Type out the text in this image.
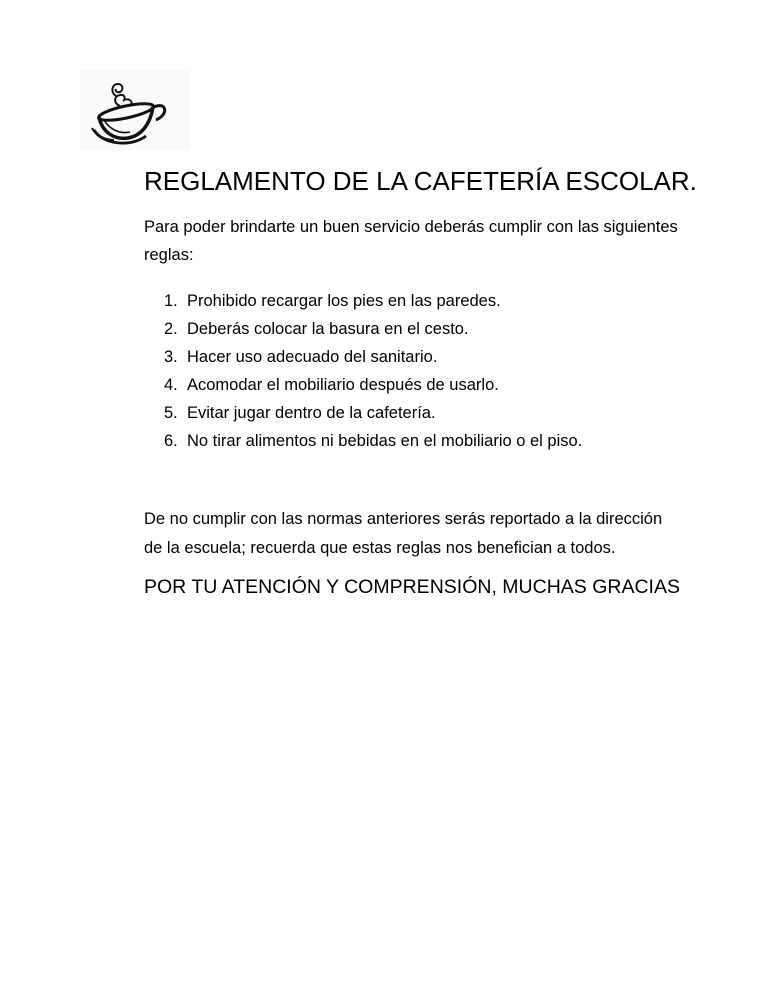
REGLAMENTO DE LA CAFETERÍA ESCOLAR.

Para poder brindarte un buen servicio deberás cumplir con las siguientes reglas:

1. Prohibido recargar los pies en las paredes.
2. Deberás colocar la basura en el cesto.
3. Hacer uso adecuado del sanitario.
4. Acomodar el mobiliario después de usarlo.
5. Evitar jugar dentro de la cafetería.
6. No tirar alimentos ni bebidas en el mobiliario o el piso.

De no cumplir con las normas anteriores serás reportado a la dirección de la escuela; recuerda que estas reglas nos benefician a todos.

POR TU ATENCIÓN Y COMPRENSIÓN, MUCHAS GRACIAS
